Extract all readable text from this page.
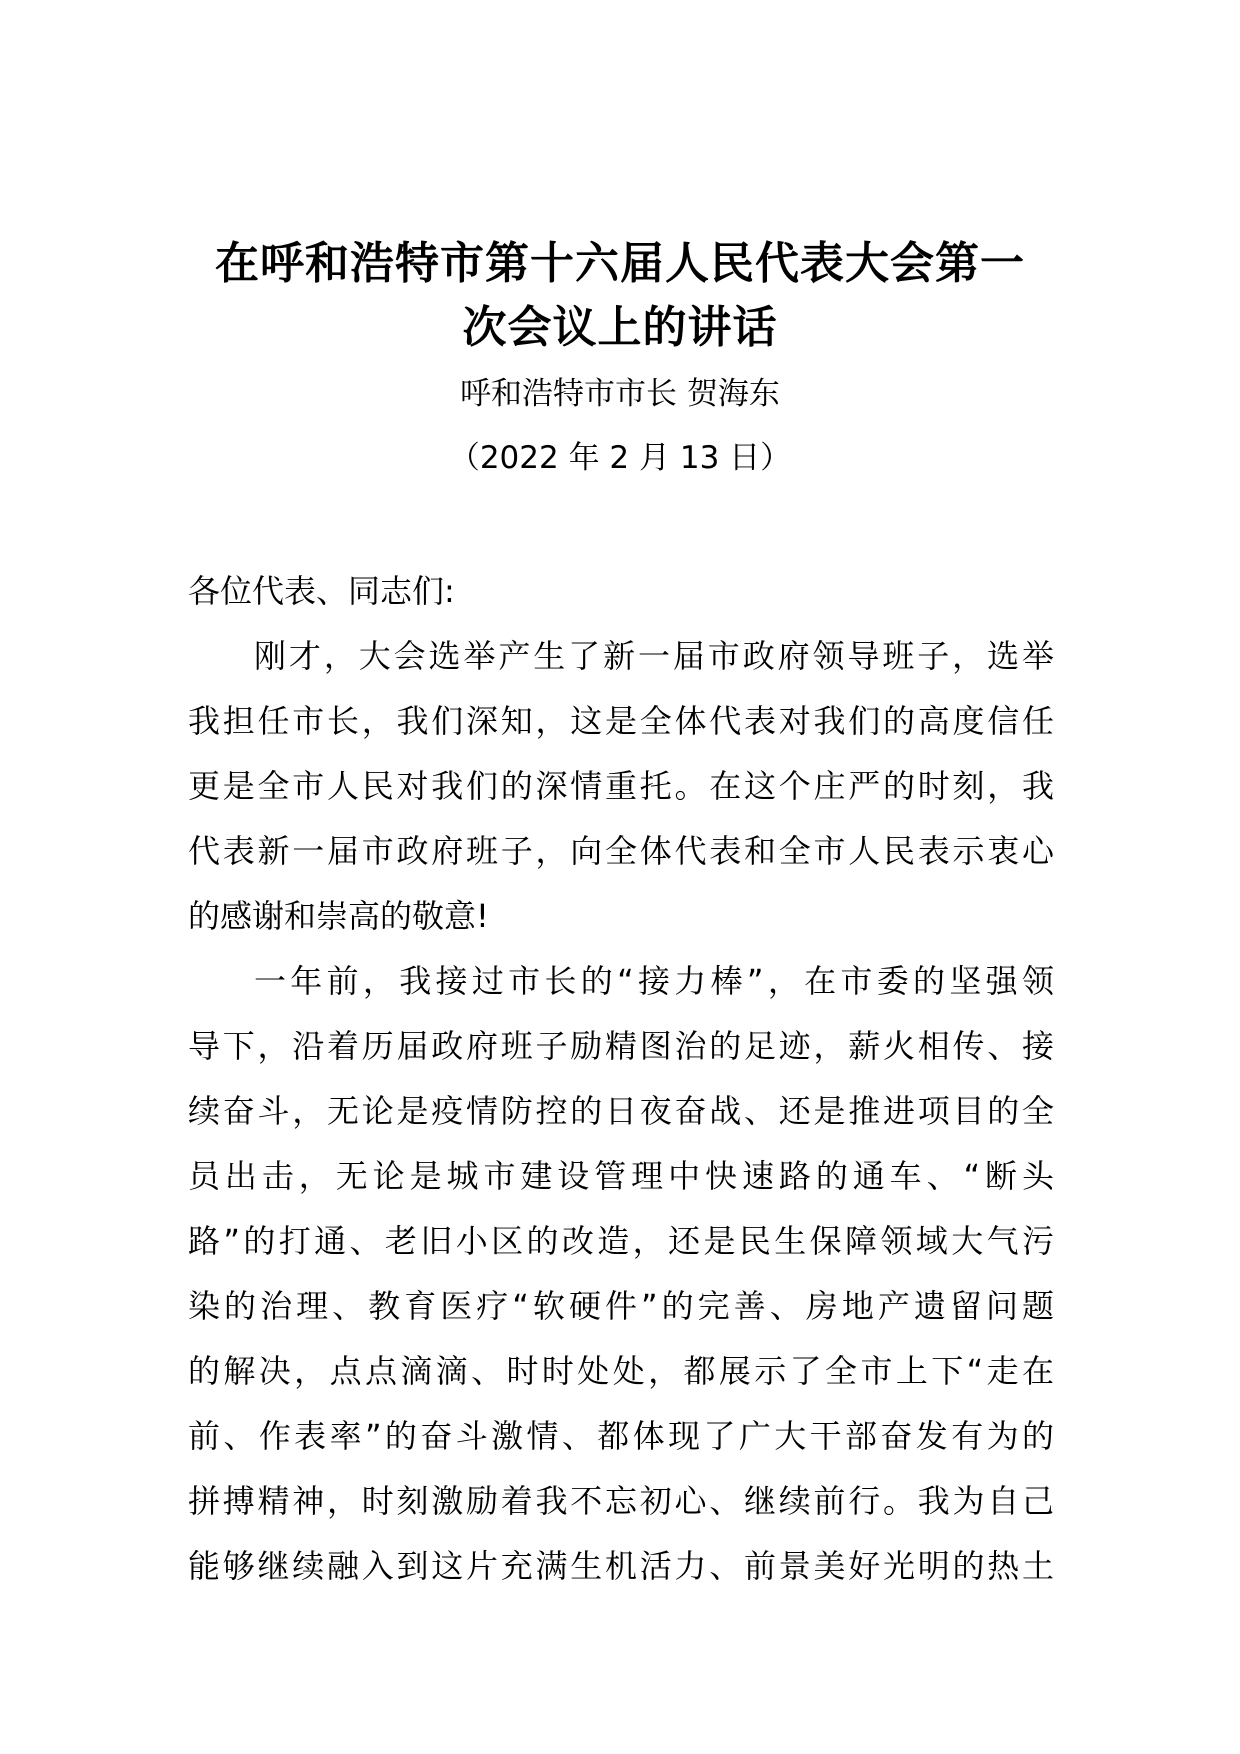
在呼和浩特市第十六届人民代表大会第一
次会议上的讲话
呼和浩特市市长 贺海东
（2022 年 2 月 13 日）
各位代表、同志们:
刚才，大会选举产生了新一届市政府领导班子，选举
我担任市长，我们深知，这是全体代表对我们的高度信任
更是全市人民对我们的深情重托。在这个庄严的时刻，我
代表新一届市政府班子，向全体代表和全市人民表示衷心
的感谢和崇高的敬意!
一年前，我接过市长的“接力棒”，在市委的坚强领
导下，沿着历届政府班子励精图治的足迹，薪火相传、接
续奋斗，无论是疫情防控的日夜奋战、还是推进项目的全
员出击，无论是城市建设管理中快速路的通车、“断头
路”的打通、老旧小区的改造，还是民生保障领域大气污
染的治理、教育医疗“软硬件”的完善、房地产遗留问题
的解决，点点滴滴、时时处处，都展示了全市上下“走在
前、作表率”的奋斗激情、都体现了广大干部奋发有为的
拼搏精神，时刻激励着我不忘初心、继续前行。我为自己
能够继续融入到这片充满生机活力、前景美好光明的热土
